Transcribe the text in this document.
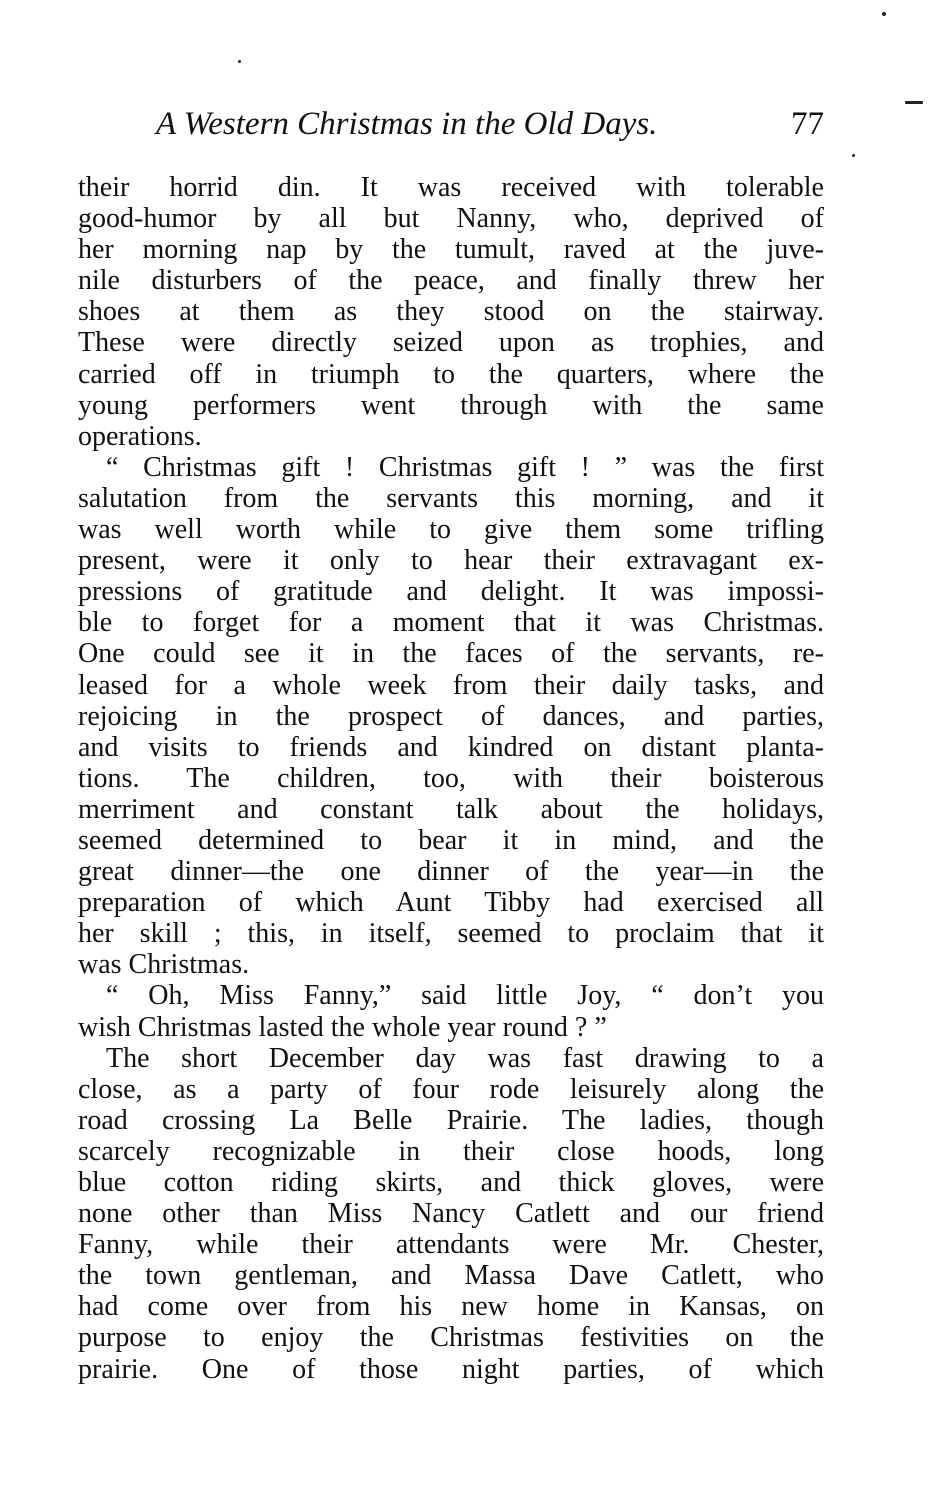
A Western Christmas in the Old Days.	77
their horrid din. It was received with tolerable
good-humor by all but Nanny, who, deprived of
her morning nap by the tumult, raved at the juve-
nile disturbers of the peace, and finally threw her
shoes at them as they stood on the stairway.
These were directly seized upon as trophies, and
carried off in triumph to the quarters, where the
young performers went through with the same
operations.
“ Christmas gift ! Christmas gift ! ” was the first
salutation from the servants this morning, and it
was well worth while to give them some trifling
present, were it only to hear their extravagant ex-
pressions of gratitude and delight. It was impossi-
ble to forget for a moment that it was Christmas.
One could see it in the faces of the servants, re-
leased for a whole week from their daily tasks, and
rejoicing in the prospect of dances, and parties,
and visits to friends and kindred on distant planta-
tions. The children, too, with their boisterous
merriment and constant talk about the holidays,
seemed determined to bear it in mind, and the
great dinner—the one dinner of the year—in the
preparation of which Aunt Tibby had exercised all
her skill ; this, in itself, seemed to proclaim that it
was Christmas.
“ Oh, Miss Fanny,” said little Joy, “ don’t you
wish Christmas lasted the whole year round ? ”
The short December day was fast drawing to a
close, as a party of four rode leisurely along the
road crossing La Belle Prairie. The ladies, though
scarcely recognizable in their close hoods, long
blue cotton riding skirts, and thick gloves, were
none other than Miss Nancy Catlett and our friend
Fanny, while their attendants were Mr. Chester,
the town gentleman, and Massa Dave Catlett, who
had come over from his new home in Kansas, on
purpose to enjoy the Christmas festivities on the
prairie. One of those night parties, of which
